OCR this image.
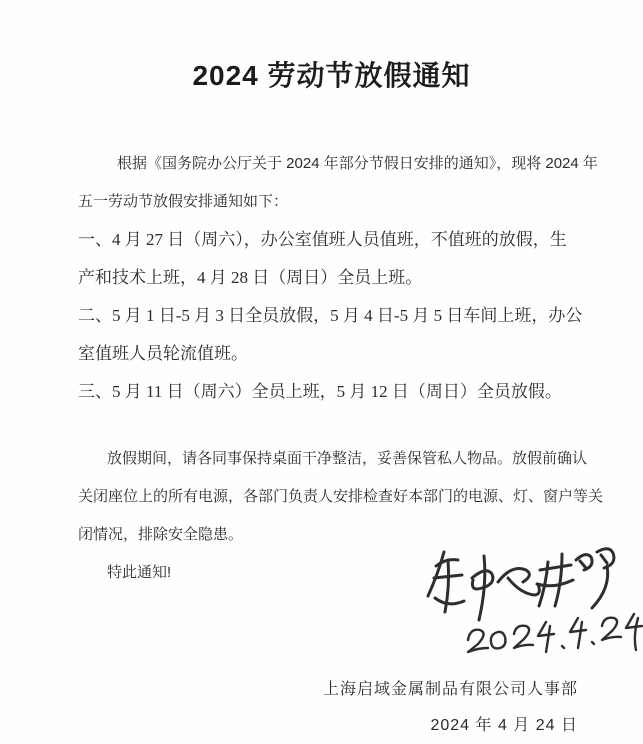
2024 劳动节放假通知
根据《国务院办公厅关于 2024 年部分节假日安排的通知》，现将 2024 年
五一劳动节放假安排通知如下：
一、4 月 27 日（周六），办公室值班人员值班，不值班的放假，生
产和技术上班，4 月 28 日（周日）全员上班。
二、5 月 1 日-5 月 3 日全员放假，5 月 4 日-5 月 5 日车间上班，办公
室值班人员轮流值班。
三、5 月 11 日（周六）全员上班，5 月 12 日（周日）全员放假。
放假期间，请各同事保持桌面干净整洁，妥善保管私人物品。放假前确认
关闭座位上的所有电源，各部门负责人安排检查好本部门的电源、灯、窗户等关
闭情况，排除安全隐患。
特此通知!
上海启域金属制品有限公司人事部
2024 年 4 月 24 日
